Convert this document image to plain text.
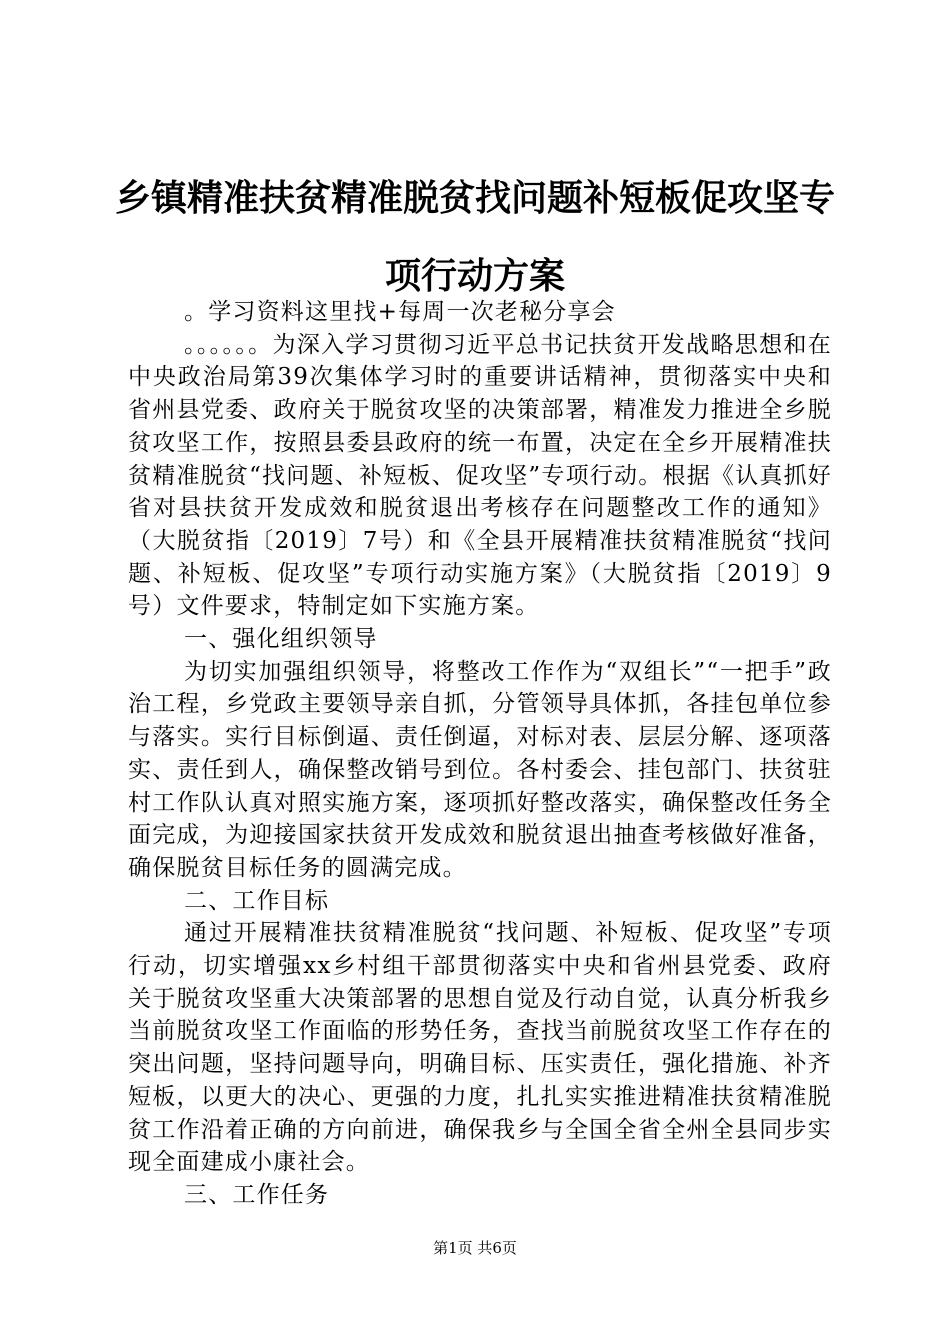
乡镇精准扶贫精准脱贫找问题补短板促攻坚专项行动方案

。学习资料这里找+每周一次老秘分享会

。。。。。。为深入学习贯彻习近平总书记扶贫开发战略思想和在中央政治局第39次集体学习时的重要讲话精神，贯彻落实中央和省州县党委、政府关于脱贫攻坚的决策部署，精准发力推进全乡脱贫攻坚工作，按照县委县政府的统一布置，决定在全乡开展精准扶贫精准脱贫“找问题、补短板、促攻坚”专项行动。根据《认真抓好省对县扶贫开发成效和脱贫退出考核存在问题整改工作的通知》（大脱贫指〔2019〕7号）和《全县开展精准扶贫精准脱贫“找问题、补短板、促攻坚”专项行动实施方案》（大脱贫指〔2019〕9号）文件要求，特制定如下实施方案。

一、强化组织领导

为切实加强组织领导，将整改工作作为“双组长”“一把手”政治工程，乡党政主要领导亲自抓，分管领导具体抓，各挂包单位参与落实。实行目标倒逼、责任倒逼，对标对表、层层分解、逐项落实、责任到人，确保整改销号到位。各村委会、挂包部门、扶贫驻村工作队认真对照实施方案，逐项抓好整改落实，确保整改任务全面完成，为迎接国家扶贫开发成效和脱贫退出抽查考核做好准备，确保脱贫目标任务的圆满完成。

二、工作目标

通过开展精准扶贫精准脱贫“找问题、补短板、促攻坚”专项行动，切实增强xx乡村组干部贯彻落实中央和省州县党委、政府关于脱贫攻坚重大决策部署的思想自觉及行动自觉，认真分析我乡当前脱贫攻坚工作面临的形势任务，查找当前脱贫攻坚工作存在的突出问题，坚持问题导向，明确目标、压实责任，强化措施、补齐短板，以更大的决心、更强的力度，扎扎实实推进精准扶贫精准脱贫工作沿着正确的方向前进，确保我乡与全国全省全州全县同步实现全面建成小康社会。

三、工作任务

第1页 共6页
